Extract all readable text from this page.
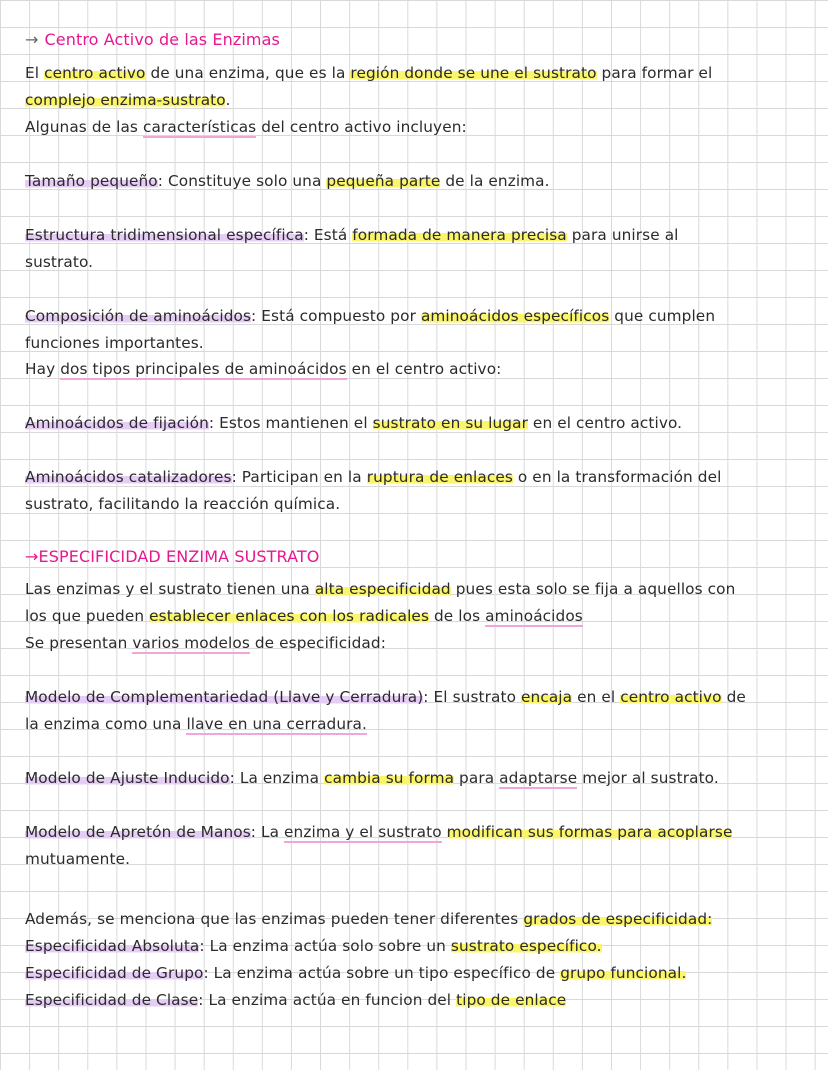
→ Centro Activo de las Enzimas
El centro activo de una enzima, que es la región donde se une el sustrato para formar el
complejo enzima-sustrato.
Algunas de las características del centro activo incluyen:
Tamaño pequeño: Constituye solo una pequeña parte de la enzima.
Estructura tridimensional específica: Está formada de manera precisa para unirse al
sustrato.
Composición de aminoácidos: Está compuesto por aminoácidos específicos que cumplen
funciones importantes.
Hay dos tipos principales de aminoácidos en el centro activo:
Aminoácidos de fijación: Estos mantienen el sustrato en su lugar en el centro activo.
Aminoácidos catalizadores: Participan en la ruptura de enlaces o en la transformación del
sustrato, facilitando la reacción química.
→ESPECIFICIDAD ENZIMA SUSTRATO
Las enzimas y el sustrato tienen una alta especificidad pues esta solo se fija a aquellos con
los que pueden establecer enlaces con los radicales de los aminoácidos
Se presentan varios modelos de especificidad:
Modelo de Complementariedad (Llave y Cerradura): El sustrato encaja en el centro activo de
la enzima como una llave en una cerradura.
Modelo de Ajuste Inducido: La enzima cambia su forma para adaptarse mejor al sustrato.
Modelo de Apretón de Manos: La enzima y el sustrato modifican sus formas para acoplarse
mutuamente.
Además, se menciona que las enzimas pueden tener diferentes grados de especificidad:
Especificidad Absoluta: La enzima actúa solo sobre un sustrato específico.
Especificidad de Grupo: La enzima actúa sobre un tipo específico de grupo funcional.
Especificidad de Clase: La enzima actúa en funcion del tipo de enlace
